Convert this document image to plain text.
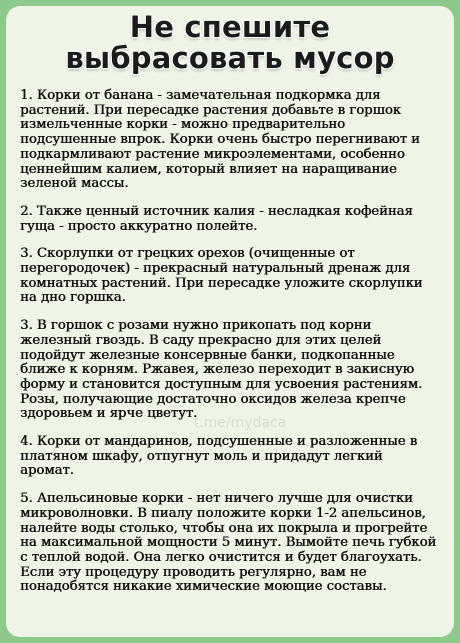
Не спешите
выбрасовать мусор

1. Корки от банана - замечательная подкормка для растений. При пересадке растения добавьте в горшок измельченные корки - можно предварительно подсушенные впрок. Корки очень быстро перегнивают и подкармливают растение микроэлементами, особенно ценнейшим калием, который влияет на наращивание зеленой массы.

2. Также ценный источник калия - несладкая кофейная гуща - просто аккуратно полейте.

3. Скорлупки от грецких орехов (очищенные от перегородочек) - прекрасный натуральный дренаж для комнатных растений. При пересадке уложите скорлупки на дно горшка.

3. В горшок с розами нужно прикопать под корни железный гвоздь. В саду прекрасно для этих целей подойдут железные консервные банки, подкопанные ближе к корням. Ржавея, железо переходит в закисную форму и становится доступным для усвоения растениям. Розы, получающие достаточно оксидов железа крепче здоровьем и ярче цветут.

4. Корки от мандаринов, подсушенные и разложенные в платяном шкафу, отпугнут моль и придадут легкий аромат.

5. Апельсиновые корки - нет ничего лучше для очистки микроволновки. В пиалу положите корки 1-2 апельсинов, налейте воды столько, чтобы она их покрыла и прогрейте на максимальной мощности 5 минут. Вымойте печь губкой с теплой водой. Она легко очистится и будет благоухать. Если эту процедуру проводить регулярно, вам не понадобятся никакие химические моющие составы.

t.me/mydaca
